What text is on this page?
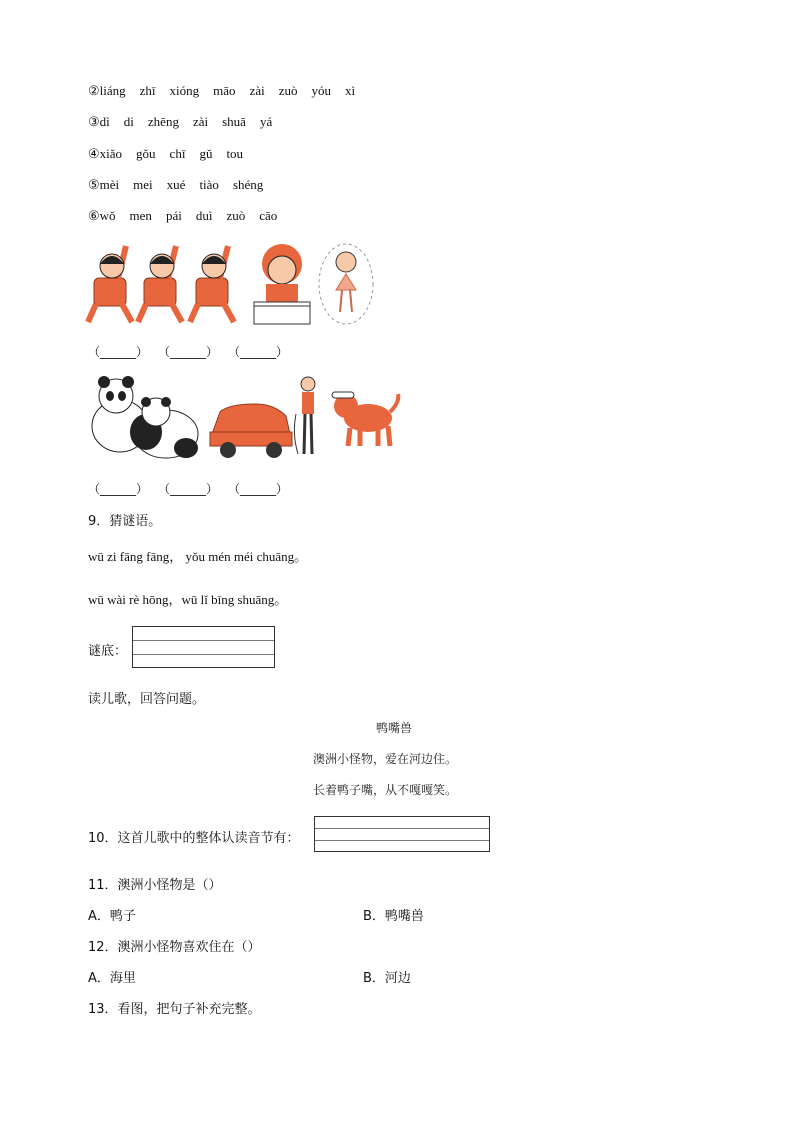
②liáng zhī xióng māo zài zuò yóu xì
③dì di zhēng zài shuā yá
④xiǎo gǒu chī gǔ tou
⑤mèi mei xué tiào shéng
⑥wǒ men pái duì zuò cāo
（______） （______） （______）
（______） （______） （______）
9．猜谜语。
wū zi fāng fāng， yǒu mén méi chuāng。
wū wài rè hōng，wū lǐ bīng shuāng。
谜底：
读儿歌，回答问题。
鸭嘴兽
澳洲小怪物，爱在河边住。
长着鸭子嘴，从不嘎嘎笑。
10．这首儿歌中的整体认读音节有：
11．澳洲小怪物是（）
A．鸭子	B．鸭嘴兽
12．澳洲小怪物喜欢住在（）
A．海里	B．河边
13．看图，把句子补充完整。
